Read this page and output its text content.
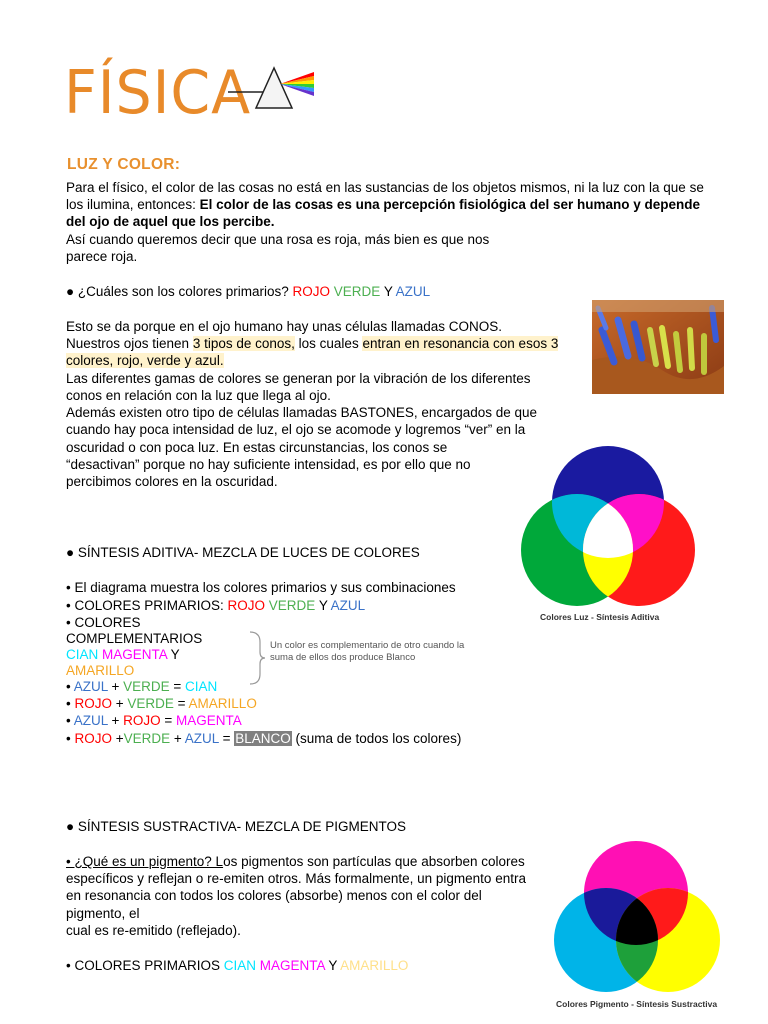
FÍSICA
LUZ Y COLOR:
Para el físico, el color de las cosas no está en las sustancias de los objetos mismos, ni la luz con la que se
los ilumina, entonces: El color de las cosas es una percepción fisiológica del ser humano y depende
del ojo de aquel que los percibe.
Así cuando queremos decir que una rosa es roja, más bien es que nos
parece roja.
● ¿Cuáles son los colores primarios? ROJO VERDE Y AZUL
Esto se da porque en el ojo humano hay unas células llamadas CONOS.
Nuestros ojos tienen 3 tipos de conos, los cuales entran en resonancia con esos 3
colores, rojo, verde y azul.
Las diferentes gamas de colores se generan por la vibración de los diferentes
conos en relación con la luz que llega al ojo.
Además existen otro tipo de células llamadas BASTONES, encargados de que
cuando hay poca intensidad de luz, el ojo se acomode y logremos “ver” en la
oscuridad o con poca luz. En estas circunstancias, los conos se
“desactivan” porque no hay suficiente intensidad, es por ello que no
percibimos colores en la oscuridad.
Colores Luz - Síntesis Aditiva
● SÍNTESIS ADITIVA- MEZCLA DE LUCES DE COLORES
• El diagrama muestra los colores primarios y sus combinaciones
• COLORES PRIMARIOS: ROJO VERDE Y AZUL
• COLORES
COMPLEMENTARIOS
CIAN MAGENTA Y
AMARILLO
Un color es complementario de otro cuando la suma de ellos dos produce Blanco
• AZUL + VERDE = CIAN
• ROJO + VERDE = AMARILLO
• AZUL + ROJO = MAGENTA
• ROJO +VERDE + AZUL = BLANCO (suma de todos los colores)
● SÍNTESIS SUSTRACTIVA- MEZCLA DE PIGMENTOS
• ¿Qué es un pigmento? Los pigmentos son partículas que absorben colores
específicos y reflejan o re-emiten otros. Más formalmente, un pigmento entra
en resonancia con todos los colores (absorbe) menos con el color del
pigmento, el
cual es re-emitido (reflejado).
• COLORES PRIMARIOS CIAN MAGENTA Y AMARILLO
Colores Pigmento - Síntesis Sustractiva
